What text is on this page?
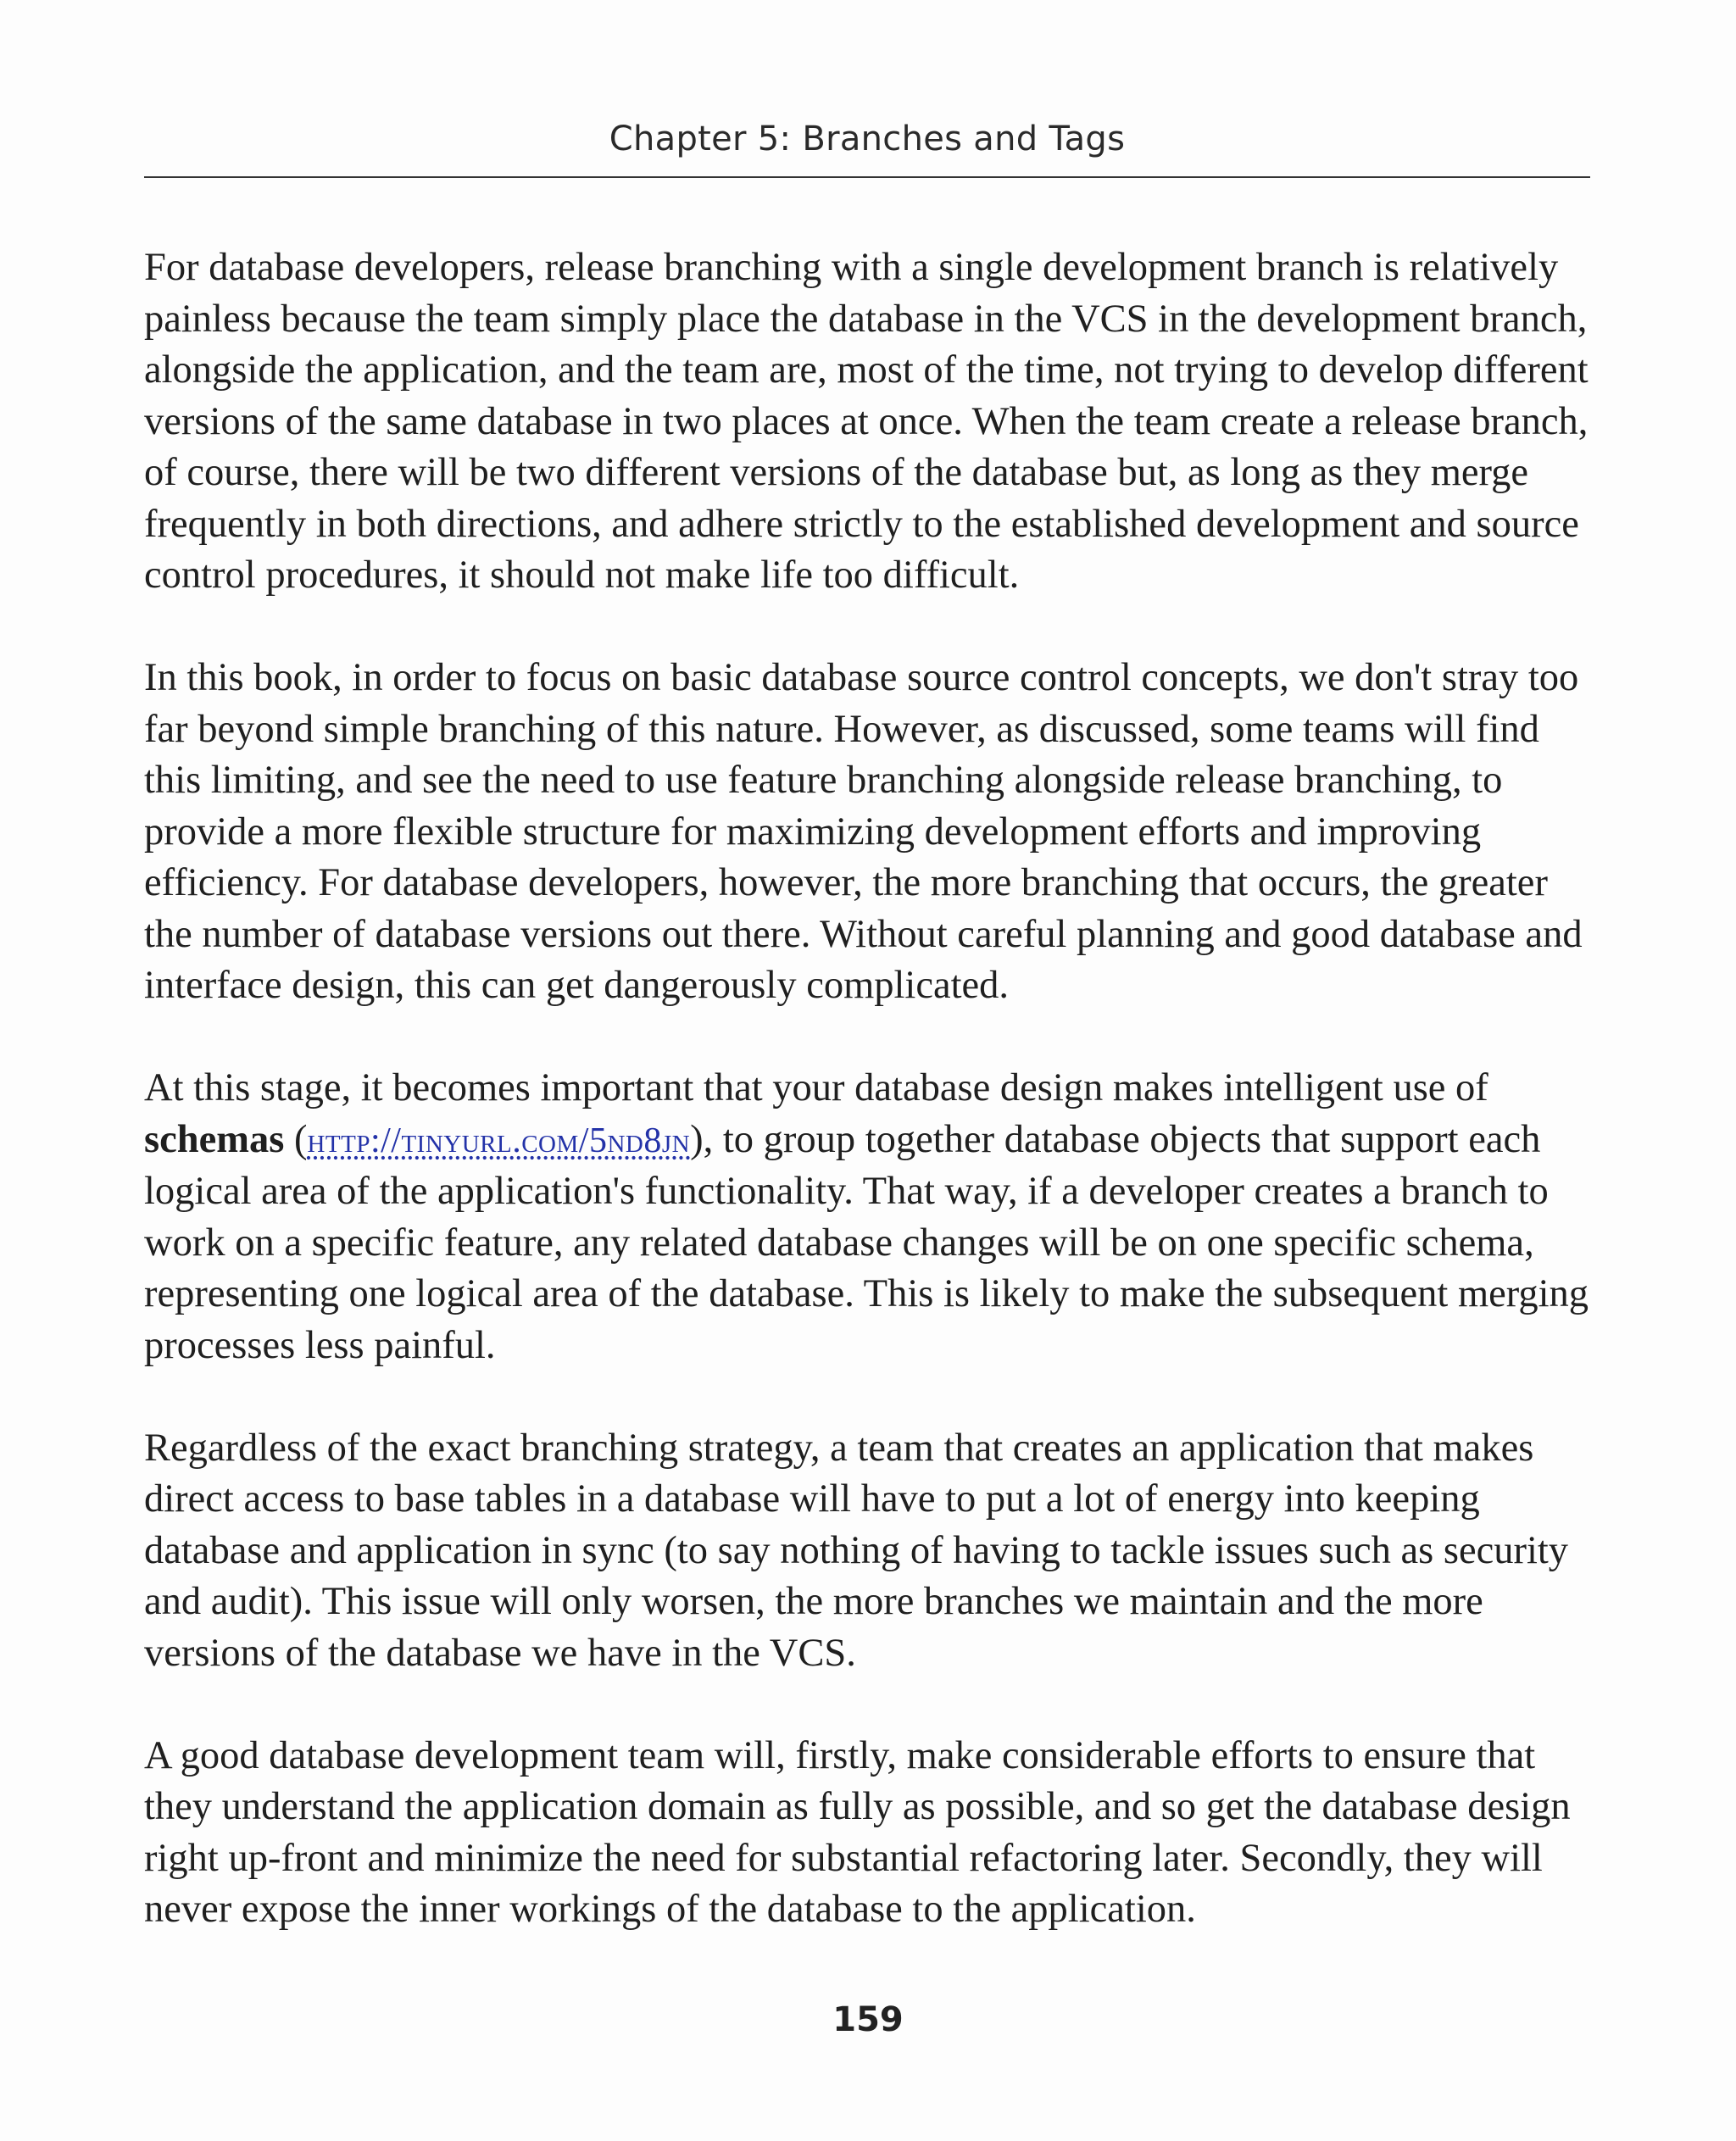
Chapter 5: Branches and Tags

For database developers, release branching with a single development branch is relatively painless because the team simply place the database in the VCS in the development branch, alongside the application, and the team are, most of the time, not trying to develop different versions of the same database in two places at once. When the team create a release branch, of course, there will be two different versions of the database but, as long as they merge frequently in both directions, and adhere strictly to the established development and source control procedures, it should not make life too difficult.

In this book, in order to focus on basic database source control concepts, we don't stray too far beyond simple branching of this nature. However, as discussed, some teams will find this limiting, and see the need to use feature branching alongside release branching, to provide a more flexible structure for maximizing development efforts and improving efficiency. For database developers, however, the more branching that occurs, the greater the number of database versions out there. Without careful planning and good database and interface design, this can get dangerously complicated.

At this stage, it becomes important that your database design makes intelligent use of schemas (http://tinyurl.com/5nd8jn), to group together database objects that support each logical area of the application's functionality. That way, if a developer creates a branch to work on a specific feature, any related database changes will be on one specific schema, representing one logical area of the database. This is likely to make the subsequent merging processes less painful.

Regardless of the exact branching strategy, a team that creates an application that makes direct access to base tables in a database will have to put a lot of energy into keeping database and application in sync (to say nothing of having to tackle issues such as security and audit). This issue will only worsen, the more branches we maintain and the more versions of the database we have in the VCS.

A good database development team will, firstly, make considerable efforts to ensure that they understand the application domain as fully as possible, and so get the database design right up-front and minimize the need for substantial refactoring later. Secondly, they will never expose the inner workings of the database to the application.

159
